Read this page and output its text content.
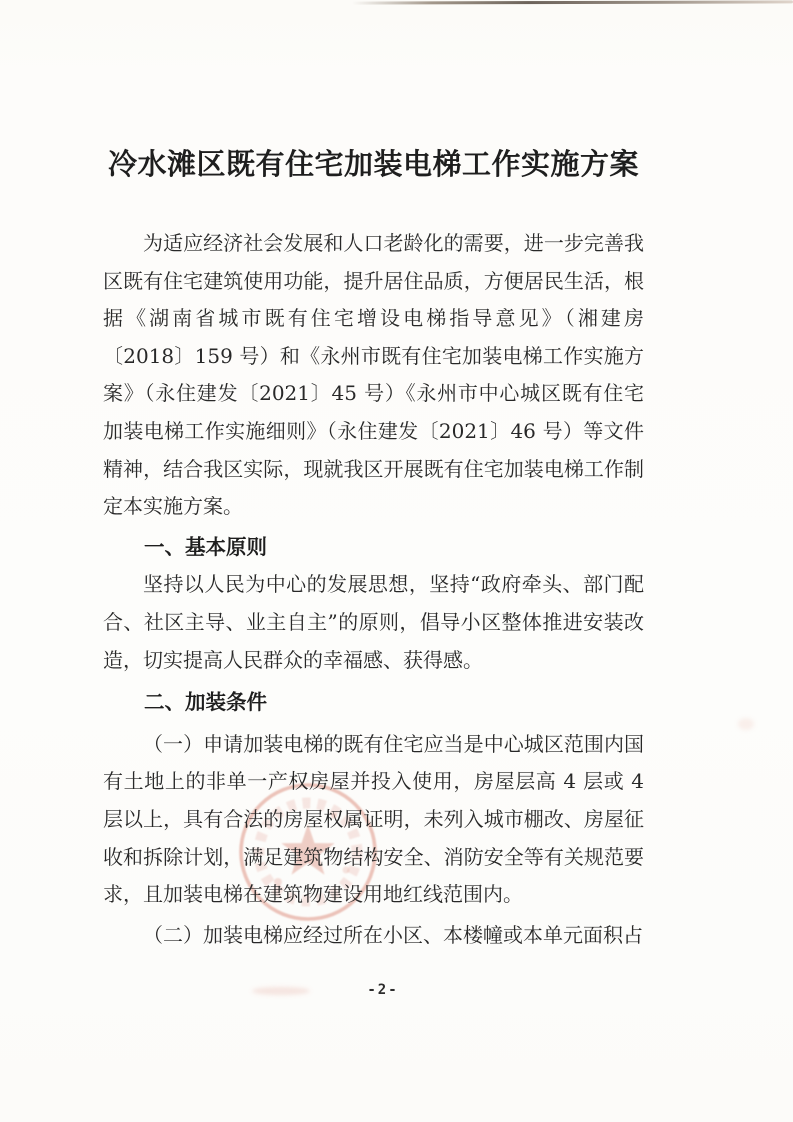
冷水滩区既有住宅加装电梯工作实施方案

为适应经济社会发展和人口老龄化的需要，进一步完善我区既有住宅建筑使用功能，提升居住品质，方便居民生活，根据《湖南省城市既有住宅增设电梯指导意见》（湘建房〔2018〕159 号）和《永州市既有住宅加装电梯工作实施方案》（永住建发〔2021〕45 号）《永州市中心城区既有住宅加装电梯工作实施细则》（永住建发〔2021〕46 号）等文件精神，结合我区实际，现就我区开展既有住宅加装电梯工作制定本实施方案。

一、基本原则

坚持以人民为中心的发展思想，坚持“政府牵头、部门配合、社区主导、业主自主”的原则，倡导小区整体推进安装改造，切实提高人民群众的幸福感、获得感。

二、加装条件

（一）申请加装电梯的既有住宅应当是中心城区范围内国有土地上的非单一产权房屋并投入使用，房屋层高 4 层或 4 层以上，具有合法的房屋权属证明，未列入城市棚改、房屋征收和拆除计划，满足建筑物结构安全、消防安全等有关规范要求，且加装电梯在建筑物建设用地红线范围内。

（二）加装电梯应经过所在小区、本楼幢或本单元面积占

-2-
